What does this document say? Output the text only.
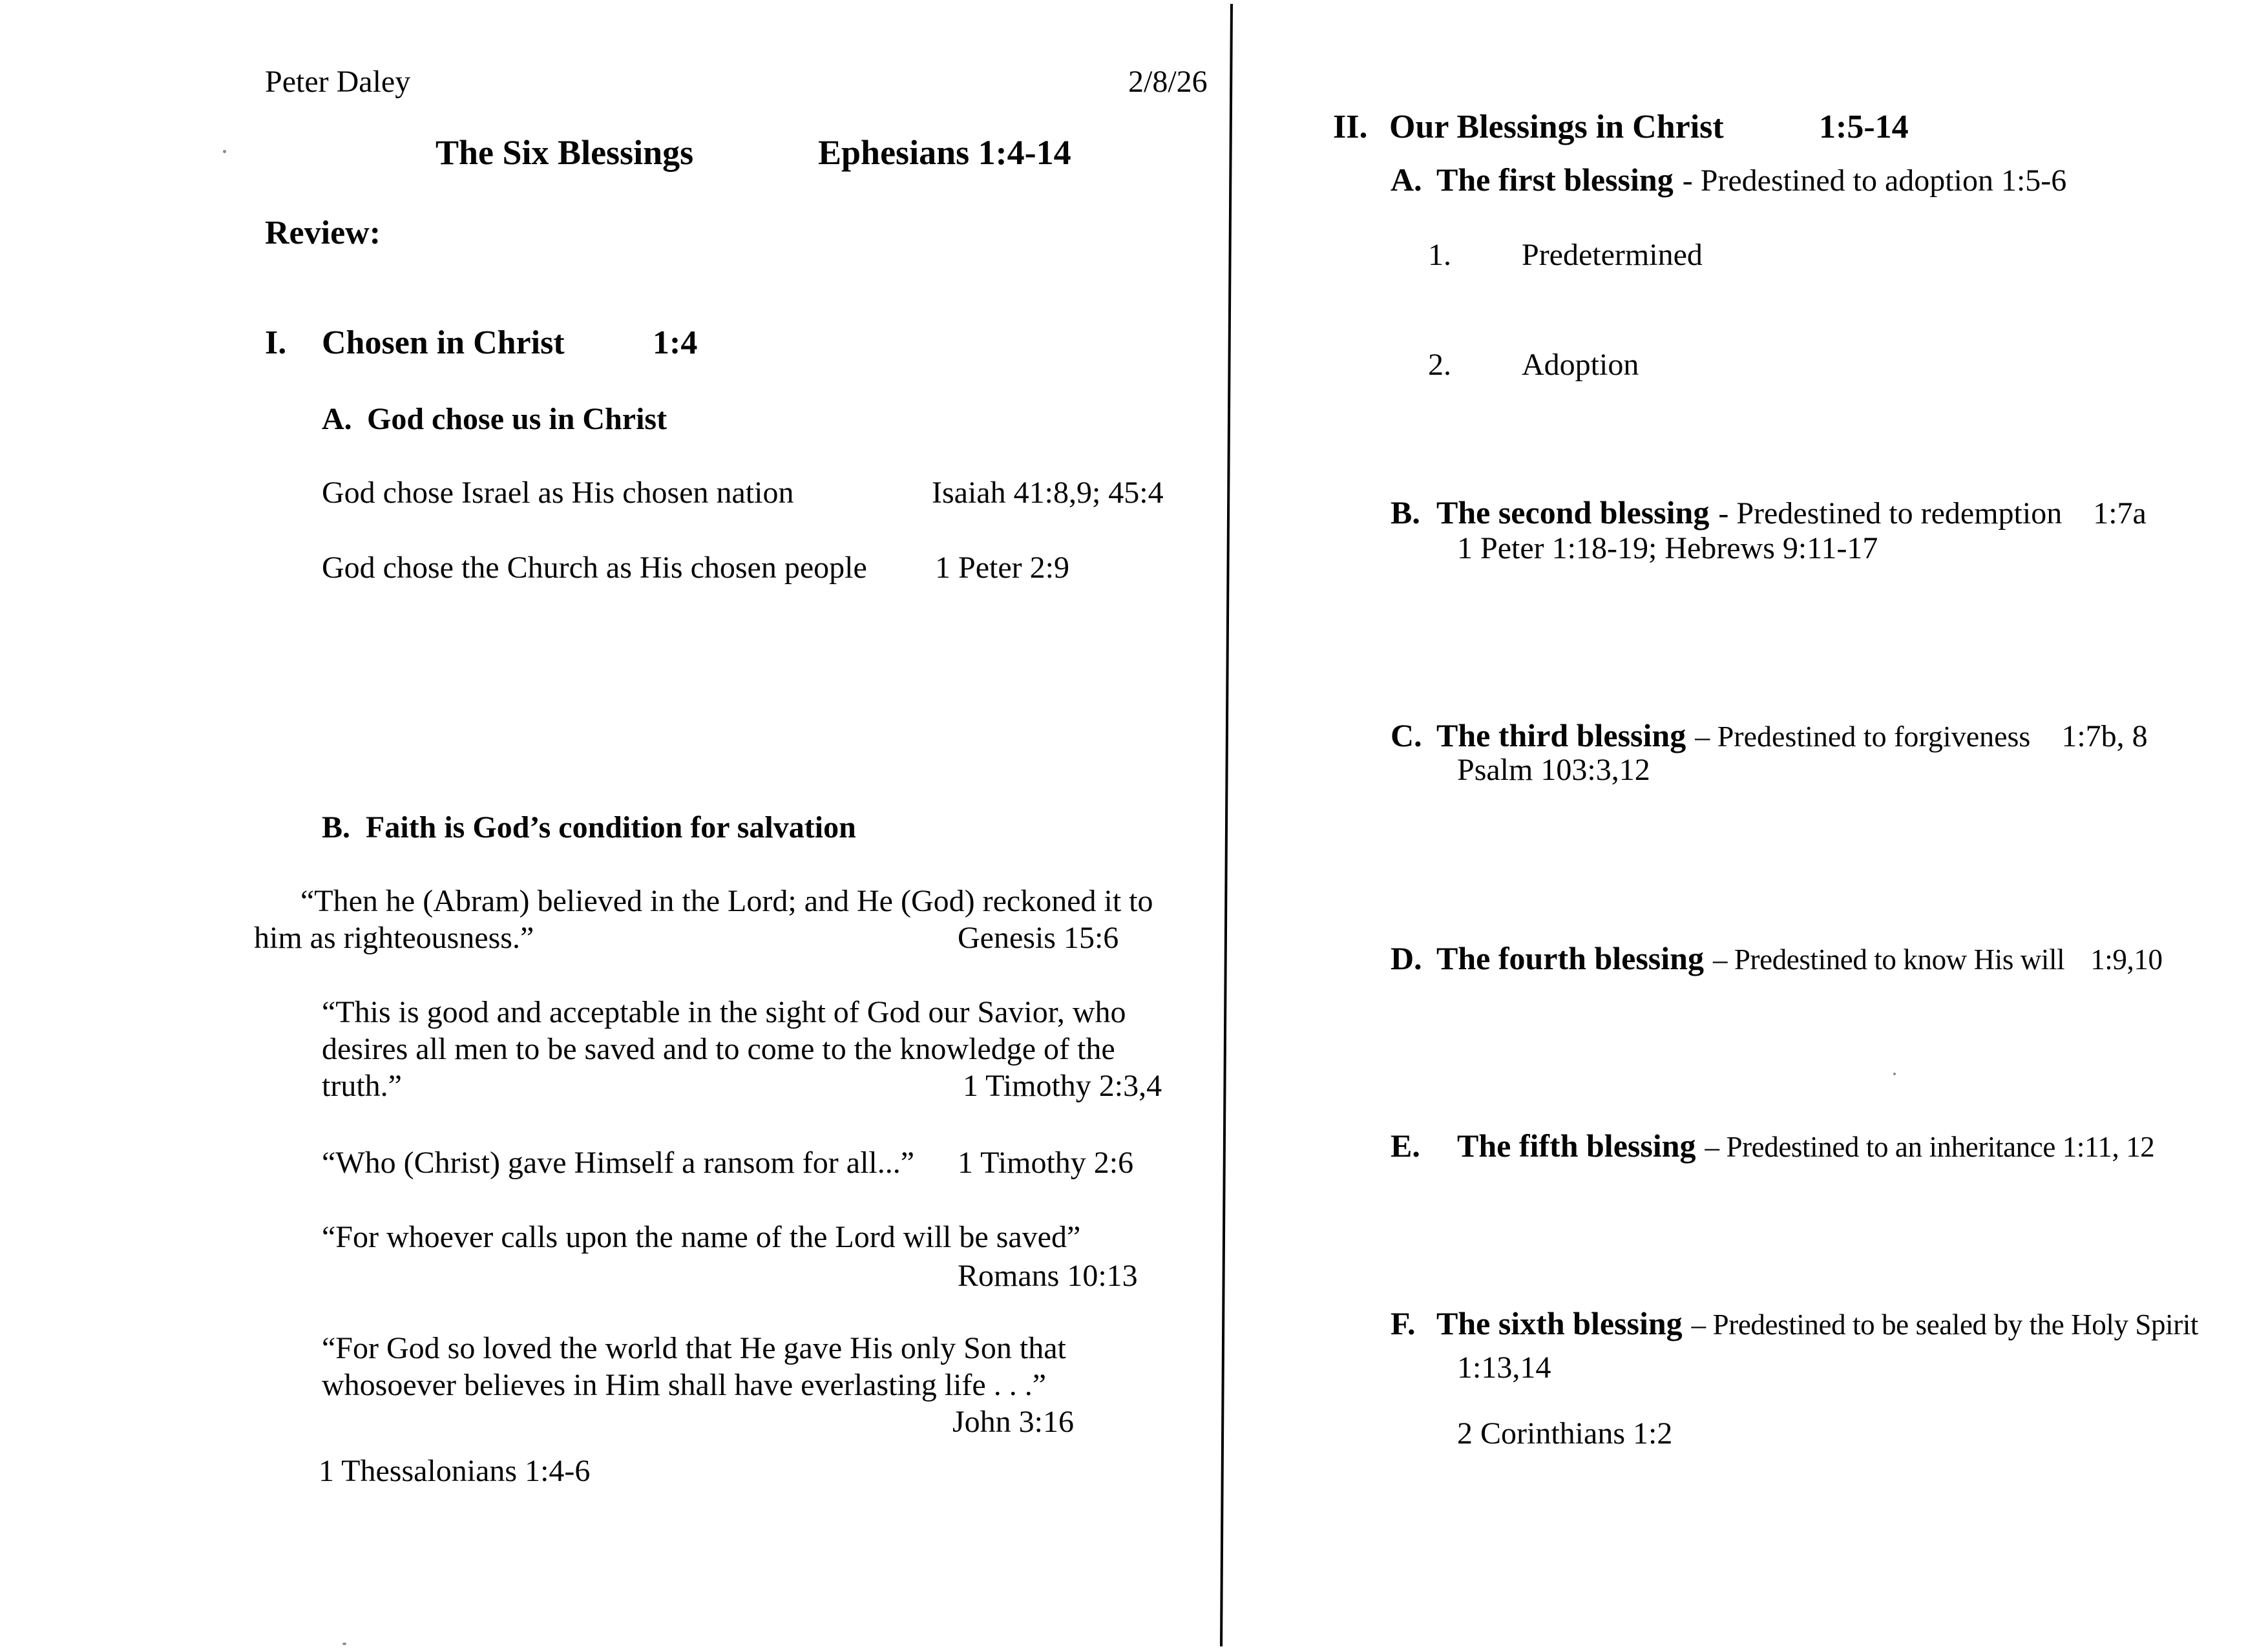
Peter Daley	2/8/26
The Six Blessings	Ephesians 1:4-14
Review:
I. Chosen in Christ	1:4
A. God chose us in Christ
God chose Israel as His chosen nation	Isaiah 41:8,9; 45:4
God chose the Church as His chosen people 1 Peter 2:9
B. Faith is God’s condition for salvation
“Then he (Abram) believed in the Lord; and He (God) reckoned it to
him as righteousness.”	Genesis 15:6
“This is good and acceptable in the sight of God our Savior, who
desires all men to be saved and to come to the knowledge of the
truth.”	1 Timothy 2:3,4
“Who (Christ) gave Himself a ransom for all...” 1 Timothy 2:6
“For whoever calls upon the name of the Lord will be saved”
Romans 10:13
“For God so loved the world that He gave His only Son that
whosoever believes in Him shall have everlasting life . . .”
John 3:16
1 Thessalonians 1:4-6
II. Our Blessings in Christ	1:5-14
A. The first blessing - Predestined to adoption 1:5-6
1. Predetermined
2. Adoption
B. The second blessing - Predestined to redemption 1:7a
1 Peter 1:18-19; Hebrews 9:11-17
C. The third blessing – Predestined to forgiveness 1:7b, 8
Psalm 103:3,12
D. The fourth blessing – Predestined to know His will 1:9,10
E. The fifth blessing – Predestined to an inheritance 1:11, 12
F. The sixth blessing – Predestined to be sealed by the Holy Spirit
1:13,14
2 Corinthians 1:2
